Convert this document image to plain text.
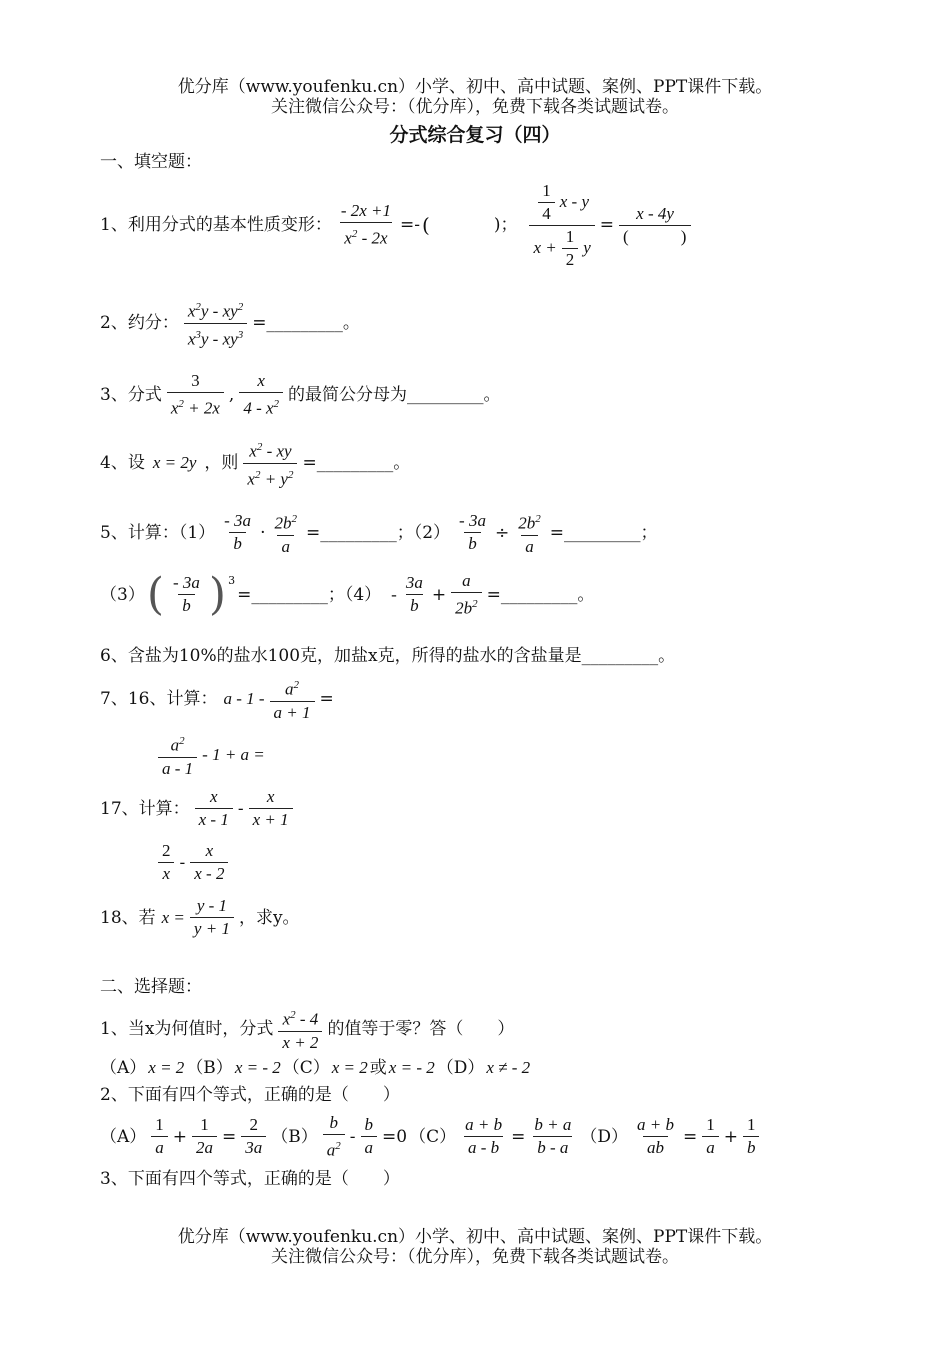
优分库（www.youfenku.cn）小学、初中、高中试题、案例、PPT课件下载。
关注微信公众号：（优分库），免费下载各类试题试卷。
分式综合复习（四）
一、填空题：
1、利用分式的基本性质变形： $\frac{- 2x +1}{x^2 - 2x}$ =- (	)； $\frac{\frac{1}{4} x - y}{x + \frac{1}{2} y} = x - 4y$
(	)
2、约分： $\frac{x^2y - xy^2}{x^3y - xy^3}$ =_________。
3、分式 $\frac{3}{x^2 + 2x}$ , $\frac{x}{4 - x^2}$ 的最简公分母为_________。
4、设 x = 2y ，则 $\frac{x^2 - xy}{x^2 + y^2}$ =_________。
5、计算：$(1) \frac{- 3a}{b} \cdot \frac{2b^2}{a}$ =_________；$(2) \frac{- 3a}{b} \div \frac{2b^2}{a}$ =_________；
（3） ( $\frac{- 3a}{b} )^3$
=_________；$(4) - \frac{3a}{b} + \frac{a}{2b^2}$ =_________。
6、含盐为10%的盐水100克，加盐x克，所得的盐水的含盐量是_________。
7、16、计算： a - $1 - \frac{a^2}{a + 1}$ =
$\frac{a^2}{a - 1} - 1 + a$ =
17、计算： $\frac{x}{x - 1} - \frac{x}{x + 1}$
$\frac{2}{x} - \frac{x}{x - 2}$
18、若 $x = \frac{y - 1}{y + 1}$ ，求y。
二、选择题：
1、当x为何值时，分式 $\frac{x^2 - 4}{x + 2}$ 的值等于零？答（　　）
（A） x = 2 （B） x = - 2 （C） x = 2 或 x = - 2 （D） x ≠ - 2
2、下面有四个等式，正确的是（　　）
$(A) \frac{1}{a} + \frac{1}{2a} = \frac{2}{3a} (B) \frac{b}{a^2} - \frac{b}{a} =0$ $(C) \frac{a + b}{a - b} = \frac{b + a}{b - a} (D) \frac{a + b}{ab} = \frac{1}{a} + \frac{1}{b}$
3、下面有四个等式，正确的是（　　）
优分库（www.youfenku.cn）小学、初中、高中试题、案例、PPT课件下载。
关注微信公众号：（优分库），免费下载各类试题试卷。
